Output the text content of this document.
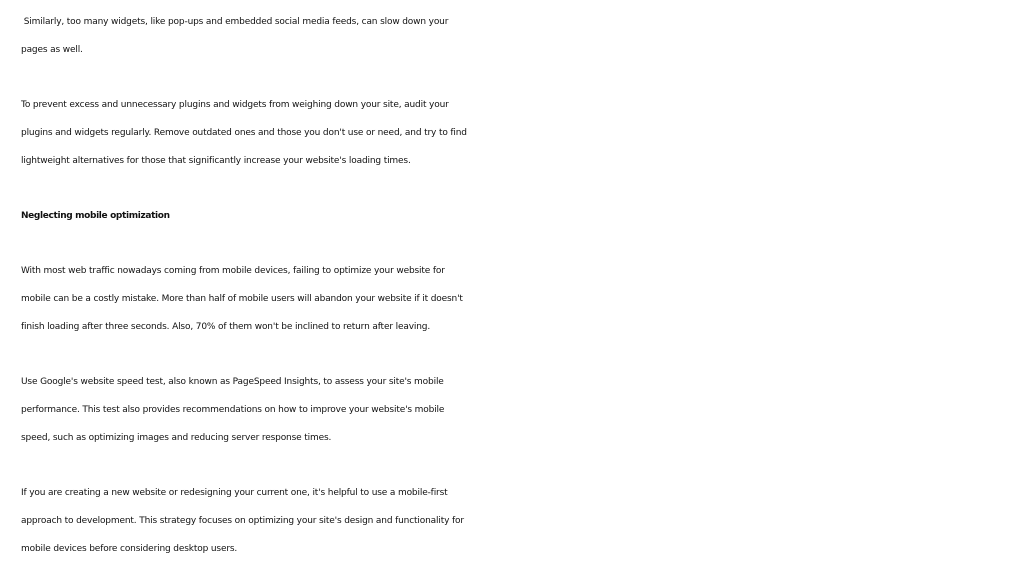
Similarly, too many widgets, like pop-ups and embedded social media feeds, can slow down your
pages as well.

To prevent excess and unnecessary plugins and widgets from weighing down your site, audit your
plugins and widgets regularly. Remove outdated ones and those you don't use or need, and try to find
lightweight alternatives for those that significantly increase your website's loading times.

Neglecting mobile optimization

With most web traffic nowadays coming from mobile devices, failing to optimize your website for
mobile can be a costly mistake. More than half of mobile users will abandon your website if it doesn't
finish loading after three seconds. Also, 70% of them won't be inclined to return after leaving.

Use Google's website speed test, also known as PageSpeed Insights, to assess your site's mobile
performance. This test also provides recommendations on how to improve your website's mobile
speed, such as optimizing images and reducing server response times.

If you are creating a new website or redesigning your current one, it's helpful to use a mobile-first
approach to development. This strategy focuses on optimizing your site's design and functionality for
mobile devices before considering desktop users.
